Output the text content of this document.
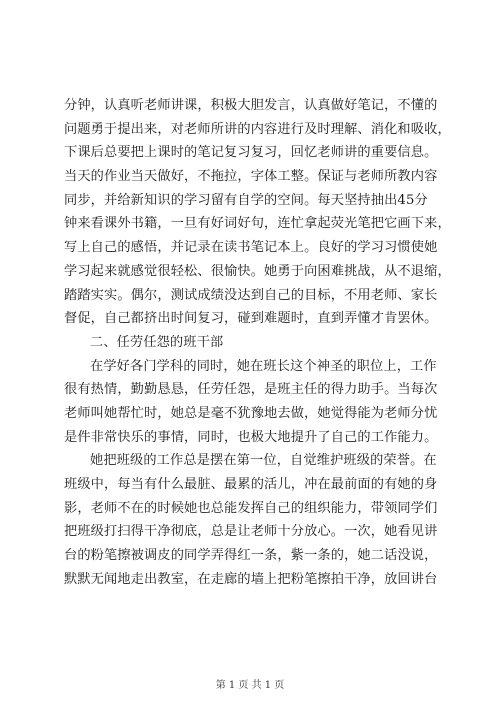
分钟，认真听老师讲课，积极大胆发言，认真做好笔记，不懂的
问题勇于提出来，对老师所讲的内容进行及时理解、消化和吸收，
下课后总要把上课时的笔记复习复习，回忆老师讲的重要信息。
当天的作业当天做好，不拖拉，字体工整。保证与老师所教内容
同步，并给新知识的学习留有自学的空间。每天坚持抽出45分
钟来看课外书籍，一旦有好词好句，连忙拿起荧光笔把它画下来，
写上自己的感悟，并记录在读书笔记本上。良好的学习习惯使她
学习起来就感觉很轻松、很愉快。她勇于向困难挑战，从不退缩，
踏踏实实。偶尔，测试成绩没达到自己的目标，不用老师、家长
督促，自己都挤出时间复习，碰到难题时，直到弄懂才肯罢休。
二、任劳任怨的班干部
在学好各门学科的同时，她在班长这个神圣的职位上，工作
很有热情，勤勤恳恳，任劳任怨，是班主任的得力助手。当每次
老师叫她帮忙时，她总是毫不犹豫地去做，她觉得能为老师分忧
是件非常快乐的事情，同时，也极大地提升了自己的工作能力。
她把班级的工作总是摆在第一位，自觉维护班级的荣誉。在
班级中，每当有什么最脏、最累的活儿，冲在最前面的有她的身
影，老师不在的时候她也总能发挥自己的组织能力，带领同学们
把班级打扫得干净彻底，总是让老师十分放心。一次，她看见讲
台的粉笔擦被调皮的同学弄得红一条，紫一条的，她二话没说，
默默无闻地走出教室，在走廊的墙上把粉笔擦拍干净，放回讲台
第 1 页 共 1 页
